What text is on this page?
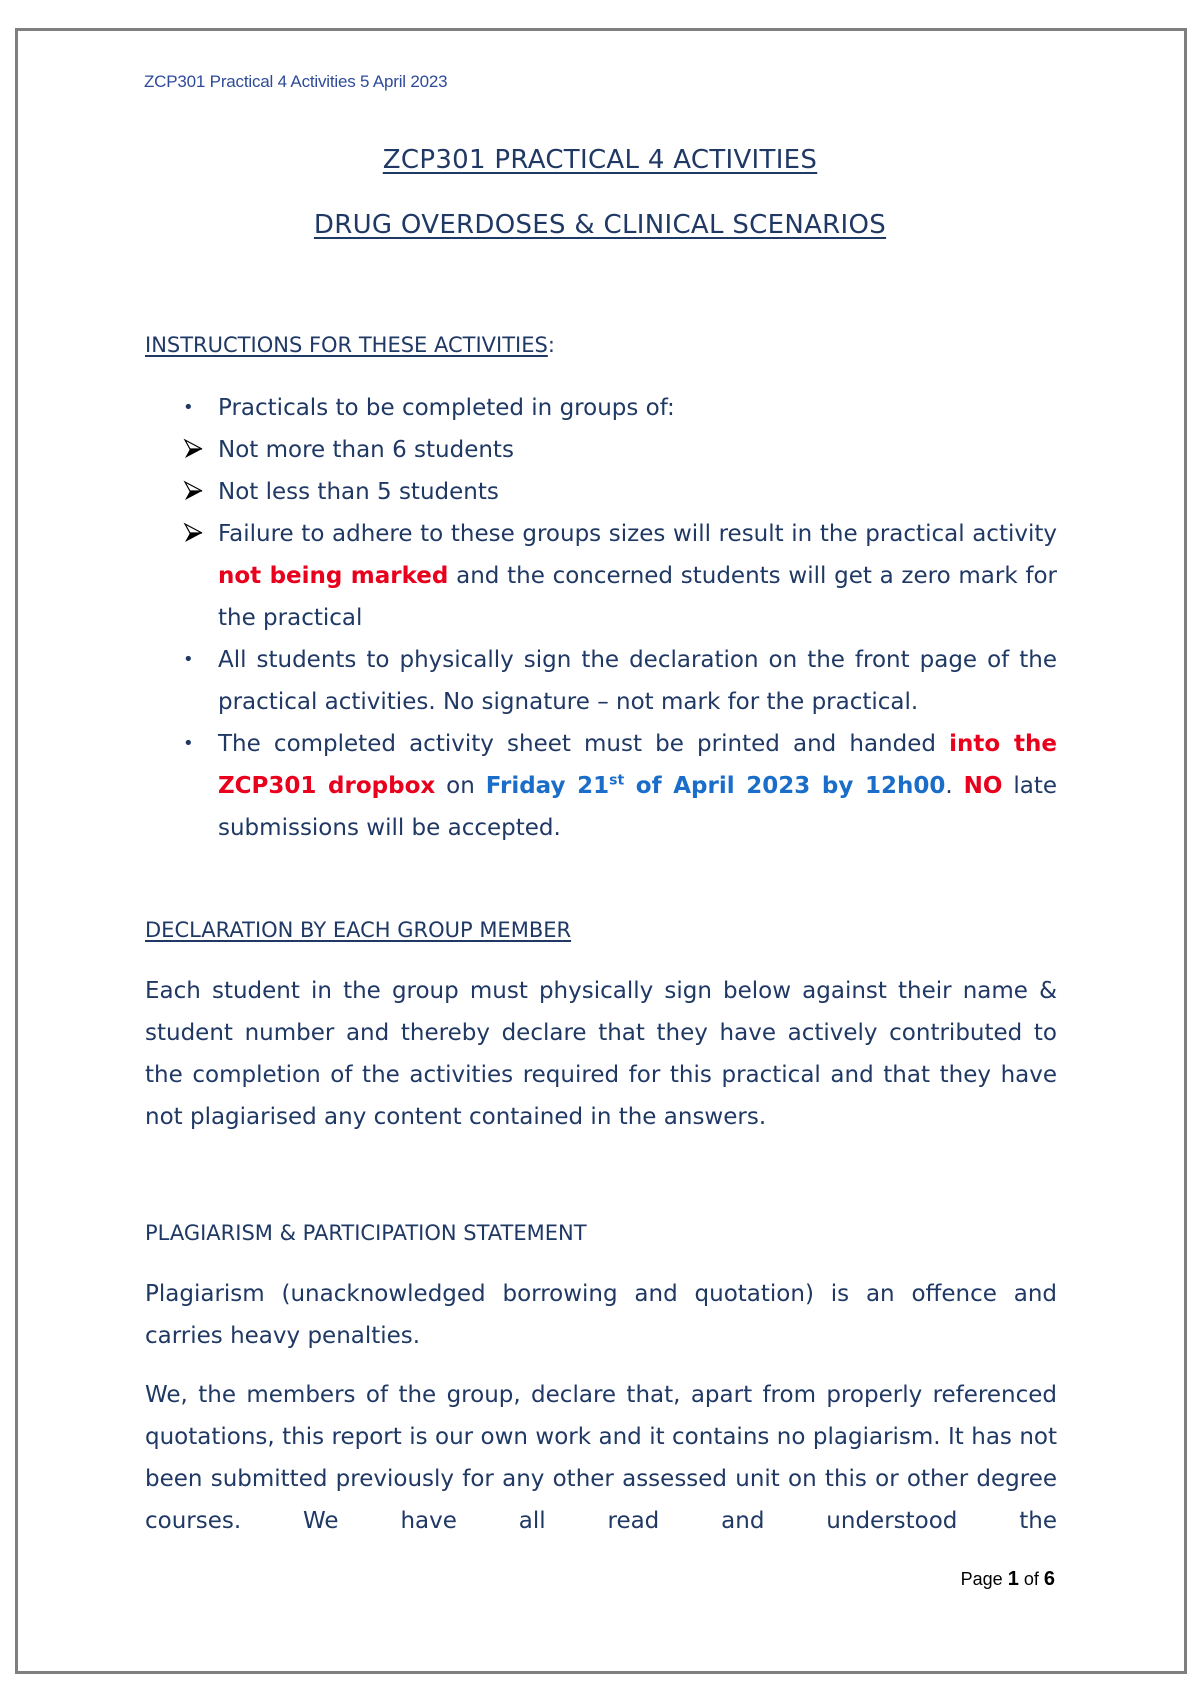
ZCP301 Practical 4 Activities 5 April 2023
ZCP301 PRACTICAL 4 ACTIVITIES
DRUG OVERDOSES & CLINICAL SCENARIOS
INSTRUCTIONS FOR THESE ACTIVITIES:
• Practicals to be completed in groups of:
Not more than 6 students
Not less than 5 students
Failure to adhere to these groups sizes will result in the practical activity not being marked and the concerned students will get a zero mark for the practical
• All students to physically sign the declaration on the front page of the practical activities. No signature – not mark for the practical.
• The completed activity sheet must be printed and handed into the ZCP301 dropbox on Friday 21st of April 2023 by 12h00. NO late submissions will be accepted.
DECLARATION BY EACH GROUP MEMBER
Each student in the group must physically sign below against their name & student number and thereby declare that they have actively contributed to the completion of the activities required for this practical and that they have not plagiarised any content contained in the answers.
PLAGIARISM & PARTICIPATION STATEMENT
Plagiarism (unacknowledged borrowing and quotation) is an offence and carries heavy penalties.
We, the members of the group, declare that, apart from properly referenced quotations, this report is our own work and it contains no plagiarism. It has not been submitted previously for any other assessed unit on this or other degree courses. We have all read and understood the
Page 1 of 6
